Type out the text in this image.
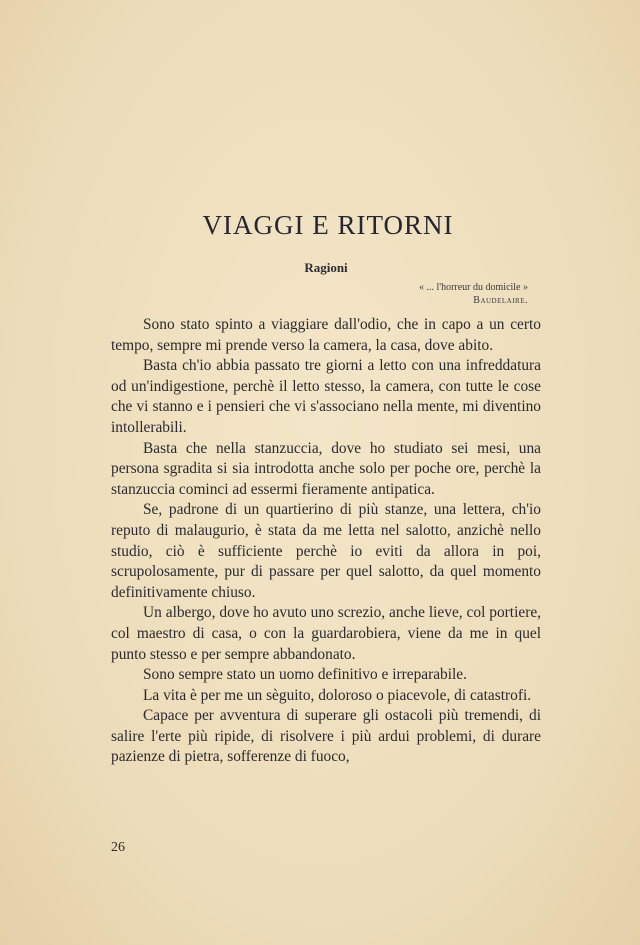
VIAGGI E RITORNI
Ragioni
« ... l'horreur du domicile »
Baudelaire.

Sono stato spinto a viaggiare dall'odio, che in capo a un certo tempo, sempre mi prende verso la camera, la casa, dove abito.

Basta ch'io abbia passato tre giorni a letto con una infreddatura od un'indigestione, perchè il letto stesso, la camera, con tutte le cose che vi stanno e i pensieri che vi s'associano nella mente, mi diventino intollerabili.

Basta che nella stanzuccia, dove ho studiato sei mesi, una persona sgradita si sia introdotta anche solo per poche ore, perchè la stanzuccia cominci ad essermi fieramente antipatica.

Se, padrone di un quartierino di più stanze, una lettera, ch'io reputo di malaugurio, è stata da me letta nel salotto, anzichè nello studio, ciò è sufficiente perchè io eviti da allora in poi, scrupolosamente, pur di passare per quel salotto, da quel momento definitivamente chiuso.

Un albergo, dove ho avuto uno screzio, anche lieve, col portiere, col maestro di casa, o con la guardarobiera, viene da me in quel punto stesso e per sempre abbandonato.

Sono sempre stato un uomo definitivo e irreparabile.

La vita è per me un sèguito, doloroso o piacevole, di catastrofi.

Capace per avventura di superare gli ostacoli più tremendi, di salire l'erte più ripide, di risolvere i più ardui problemi, di durare pazienze di pietra, sofferenze di fuoco,

26
